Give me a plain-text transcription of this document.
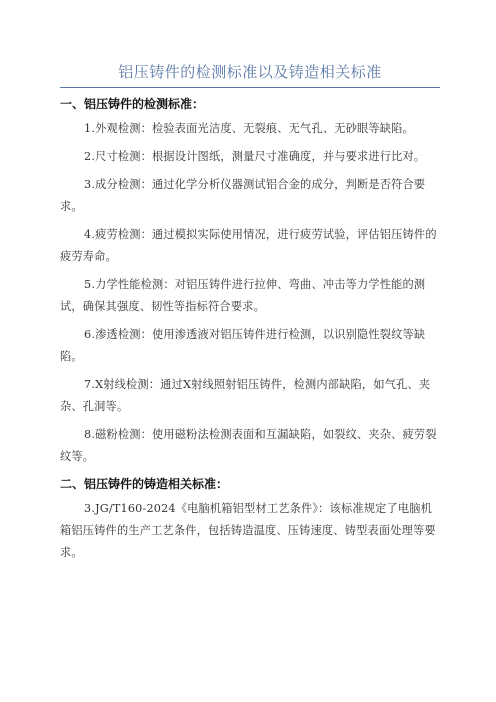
铝压铸件的检测标准以及铸造相关标准

一、铝压铸件的检测标准：

1.外观检测：检验表面光洁度、无裂痕、无气孔、无砂眼等缺陷。

2.尺寸检测：根据设计图纸，测量尺寸准确度，并与要求进行比对。

3.成分检测：通过化学分析仪器测试铝合金的成分，判断是否符合要求。

4.疲劳检测：通过模拟实际使用情况，进行疲劳试验，评估铝压铸件的疲劳寿命。

5.力学性能检测：对铝压铸件进行拉伸、弯曲、冲击等力学性能的测试，确保其强度、韧性等指标符合要求。

6.渗透检测：使用渗透液对铝压铸件进行检测，以识别隐性裂纹等缺陷。

7.X射线检测：通过X射线照射铝压铸件，检测内部缺陷，如气孔、夹杂、孔洞等。

8.磁粉检测：使用磁粉法检测表面和互漏缺陷，如裂纹、夹杂、疲劳裂纹等。

二、铝压铸件的铸造相关标准：

3.JG/T160-2024《电脑机箱铝型材工艺条件》：该标准规定了电脑机箱铝压铸件的生产工艺条件，包括铸造温度、压铸速度、铸型表面处理等要求。
